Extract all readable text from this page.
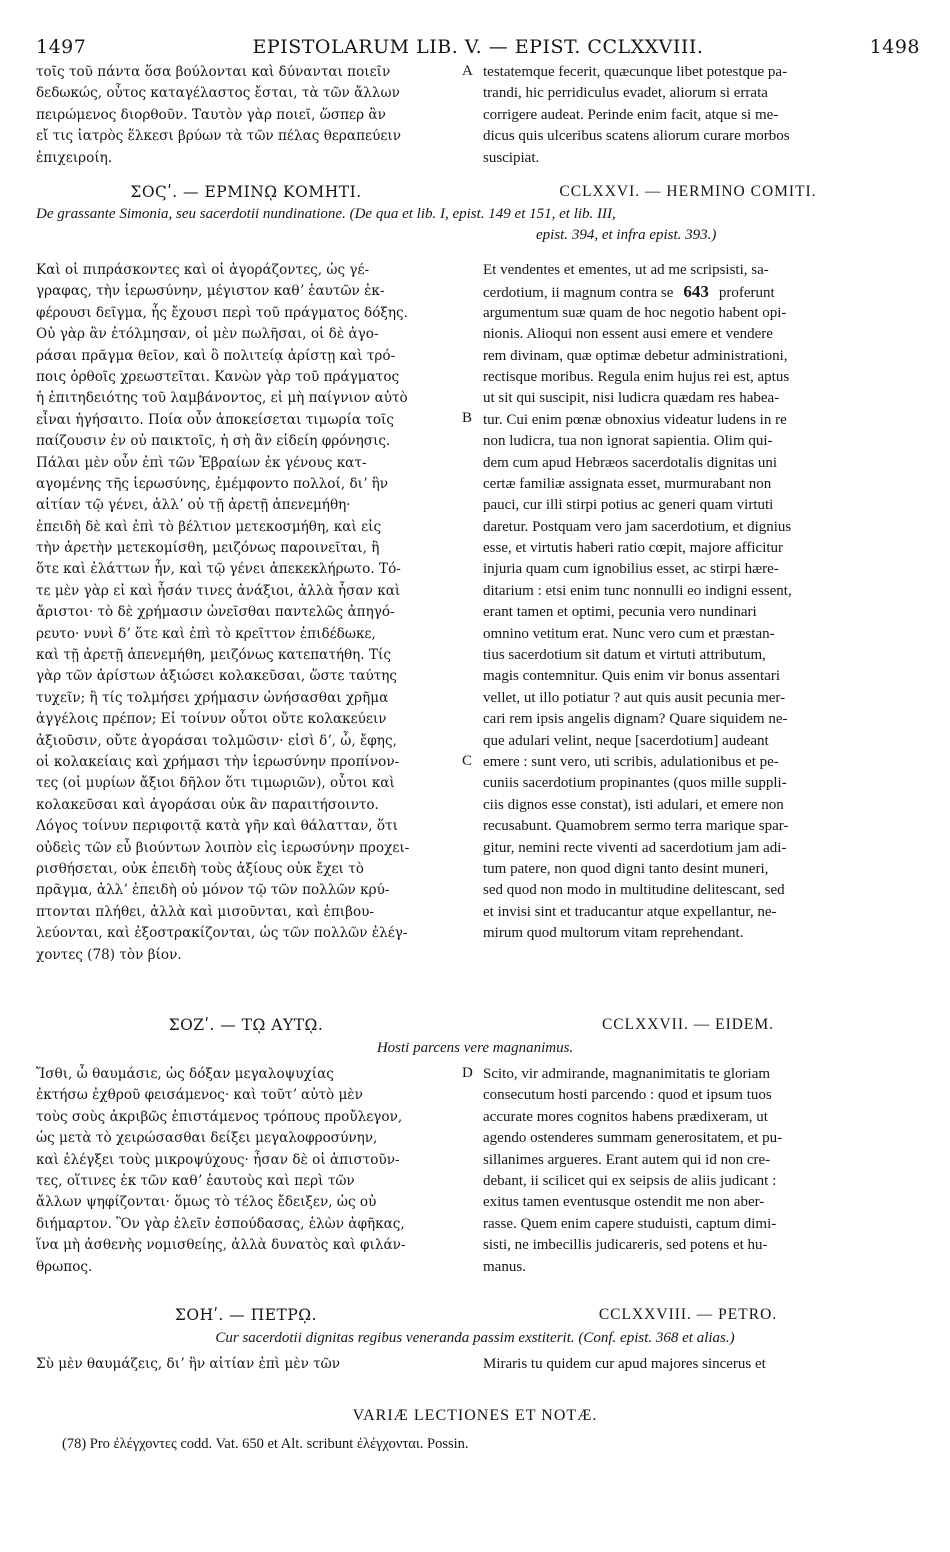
1497	EPISTOLARUM LIB. V. — EPIST. CCLXXVIII.	1498
τοῖς τοῦ πάντα ὅσα βούλονται καὶ δύνανται ποιεῖν
δεδωκώς, οὗτος καταγέλαστος ἔσται, τὰ τῶν ἄλλων
πειρώμενος διορθοῦν. Ταυτὸν γὰρ ποιεῖ, ὥσπερ ἂν
εἴ τις ἰατρὸς ἕλκεσι βρύων τὰ τῶν πέλας θεραπεύειν
ἐπιχειροίη.
testatemque fecerit, quæcunque libet potestque pa-
trandi, hic perridiculus evadet, aliorum si errata
corrigere audeat. Perinde enim facit, atque si me-
dicus quis ulceribus scatens aliorum curare morbos
suscipiat.
A
ΣΟϚʹ. — ΕΡΜΙΝῼ ΚΟΜΗΤΙ.	CCLXXVI. — HERMINO COMITI.
De grassante Simonia, seu sacerdotii nundinatione. (De qua et lib. I, epist. 149 et 151, et lib. III,
epist. 394, et infra epist. 393.)
Καὶ οἱ πιπράσκοντες καὶ οἱ ἀγοράζοντες, ὡς γέ-
γραφας, τὴν ἱερωσύνην, μέγιστον καθʼ ἑαυτῶν ἐκ-
φέρουσι δεῖγμα, ἧς ἔχουσι περὶ τοῦ πράγματος δόξης.
Οὐ γὰρ ἂν ἐτόλμησαν, οἱ μὲν πωλῆσαι, οἱ δὲ ἀγο-
ράσαι πρᾶγμα θεῖον, καὶ ὃ πολιτείᾳ ἀρίστῃ καὶ τρό-
ποις ὀρθοῖς χρεωστεῖται. Κανὼν γὰρ τοῦ πράγματος
ἡ ἐπιτηδειότης τοῦ λαμβάνοντος, εἰ μὴ παίγνιον αὐτὸ
εἶναι ἡγήσαιτο. Ποία οὖν ἀποκείσεται τιμωρία τοῖς
παίζουσιν ἐν οὐ παικτοῖς, ἡ σὴ ἂν εἰδείη φρόνησις.
Πάλαι μὲν οὖν ἐπὶ τῶν Ἑβραίων ἐκ γένους κατ-
αγομένης τῆς ἱερωσύνης, ἐμέμφοντο πολλοί, διʼ ἣν
αἰτίαν τῷ γένει, ἀλλʼ οὐ τῇ ἀρετῇ ἀπενεμήθη·
ἐπειδὴ δὲ καὶ ἐπὶ τὸ βέλτιον μετεκοσμήθη, καὶ εἰς
τὴν ἀρετὴν μετεκομίσθη, μειζόνως παροινεῖται, ἢ
ὅτε καὶ ἐλάττων ἦν, καὶ τῷ γένει ἀπεκεκλήρωτο. Τό-
τε μὲν γὰρ εἰ καὶ ἦσάν τινες ἀνάξιοι, ἀλλὰ ἦσαν καὶ
ἄριστοι· τὸ δὲ χρήμασιν ὠνεῖσθαι παντελῶς ἀπηγό-
ρευτο· νυνὶ δʼ ὅτε καὶ ἐπὶ τὸ κρεῖττον ἐπιδέδωκε,
καὶ τῇ ἀρετῇ ἀπενεμήθη, μειζόνως κατεπατήθη. Τίς
γὰρ τῶν ἀρίστων ἀξιώσει κολακεῦσαι, ὥστε ταύτης
τυχεῖν; ἢ τίς τολμήσει χρήμασιν ὠνήσασθαι χρῆμα
ἀγγέλοις πρέπον; Εἰ τοίνυν οὗτοι οὔτε κολακεύειν
ἀξιοῦσιν, οὔτε ἀγοράσαι τολμῶσιν· εἰσὶ δʼ, ὦ, ἔφης,
οἱ κολακείαις καὶ χρήμασι τὴν ἱερωσύνην προπίνον-
τες (οἱ μυρίων ἄξιοι δῆλον ὅτι τιμωριῶν), οὗτοι καὶ
κολακεῦσαι καὶ ἀγοράσαι οὐκ ἂν παραιτήσοιντο.
Λόγος τοίνυν περιφοιτᾷ κατὰ γῆν καὶ θάλατταν, ὅτι
οὐδεὶς τῶν εὖ βιούντων λοιπὸν εἰς ἱερωσύνην προχει-
ρισθήσεται, οὐκ ἐπειδὴ τοὺς ἀξίους οὐκ ἔχει τὸ
πρᾶγμα, ἀλλʼ ἐπειδὴ οὐ μόνον τῷ τῶν πολλῶν κρύ-
πτονται πλήθει, ἀλλὰ καὶ μισοῦνται, καὶ ἐπιβου-
λεύονται, καὶ ἐξοστρακίζονται, ὡς τῶν πολλῶν ἐλέγ-
χοντες (78) τὸν βίον.
Et vendentes et ementes, ut ad me scripsisti, sa-
cerdotium, ii magnum contra se 643 proferunt
argumentum suæ quam de hoc negotio habent opi-
nionis. Alioqui non essent ausi emere et vendere
rem divinam, quæ optimæ debetur administrationi,
rectisque moribus. Regula enim hujus rei est, aptus
ut sit qui suscipit, nisi ludicra quædam res habea-
tur. Cui enim pœnæ obnoxius videatur ludens in re
non ludicra, tua non ignorat sapientia. Olim qui-
dem cum apud Hebræos sacerdotalis dignitas uni
certæ familiæ assignata esset, murmurabant non
pauci, cur illi stirpi potius ac generi quam virtuti
daretur. Postquam vero jam sacerdotium, et dignius
esse, et virtutis haberi ratio cœpit, majore afficitur
injuria quam cum ignobilius esset, ac stirpi hære-
ditarium : etsi enim tunc nonnulli eo indigni essent,
erant tamen et optimi, pecunia vero nundinari
omnino vetitum erat. Nunc vero cum et præstan-
tius sacerdotium sit datum et virtuti attributum,
magis contemnitur. Quis enim vir bonus assentari
vellet, ut illo potiatur ? aut quis ausit pecunia mer-
cari rem ipsis angelis dignam? Quare siquidem ne-
que adulari velint, neque [sacerdotium] audeant
emere : sunt vero, uti scribis, adulationibus et pe-
cuniis sacerdotium propinantes (quos mille suppli-
ciis dignos esse constat), isti adulari, et emere non
recusabunt. Quamobrem sermo terra marique spar-
gitur, nemini recte viventi ad sacerdotium jam adi-
tum patere, non quod digni tanto desint muneri,
sed quod non modo in multitudine delitescant, sed
et invisi sint et traducantur atque expellantur, ne-
mirum quod multorum vitam reprehendant.
B
C
ΣΟΖʹ. — Τῼ ΑΥΤῼ.	CCLXXVII. — EIDEM.
Hosti parcens vere magnanimus.
Ἴσθι, ὦ θαυμάσιε, ὡς δόξαν μεγαλοψυχίας
ἐκτήσω ἐχθροῦ φεισάμενος· καὶ τοῦτʼ αὐτὸ μὲν
τοὺς σοὺς ἀκριβῶς ἐπιστάμενος τρόπους προὔλεγον,
ὡς μετὰ τὸ χειρώσασθαι δείξει μεγαλοφροσύνην,
καὶ ἐλέγξει τοὺς μικροψύχους· ἦσαν δὲ οἱ ἀπιστοῦν-
τες, οἵτινες ἐκ τῶν καθʼ ἑαυτοὺς καὶ περὶ τῶν
ἄλλων ψηφίζονται· ὅμως τὸ τέλος ἔδειξεν, ὡς οὐ
διήμαρτον. Ὃν γὰρ ἑλεῖν ἐσπούδασας, ἑλὼν ἀφῆκας,
ἵνα μὴ ἀσθενὴς νομισθείης, ἀλλὰ δυνατὸς καὶ φιλάν-
θρωπος.
Scito, vir admirande, magnanimitatis te gloriam
consecutum hosti parcendo : quod et ipsum tuos
accurate mores cognitos habens prædixeram, ut
agendo ostenderes summam generositatem, et pu-
sillanimes argueres. Erant autem qui id non cre-
debant, ii scilicet qui ex seipsis de aliis judicant :
exitus tamen eventusque ostendit me non aber-
rasse. Quem enim capere studuisti, captum dimi-
sisti, ne imbecillis judicareris, sed potens et hu-
manus.
D
ΣΟΗʹ. — ΠΕΤΡῼ.	CCLXXVIII. — PETRO.
Cur sacerdotii dignitas regibus veneranda passim exstiterit. (Conf. epist. 368 et alias.)
Σὺ μὲν θαυμάζεις, διʼ ἣν αἰτίαν ἐπὶ μὲν τῶν	Miraris tu quidem cur apud majores sincerus et
VARIÆ LECTIONES ET NOTÆ.
(78) Pro ἐλέγχοντες codd. Vat. 650 et Alt. scribunt ἐλέγχονται. Possin.
